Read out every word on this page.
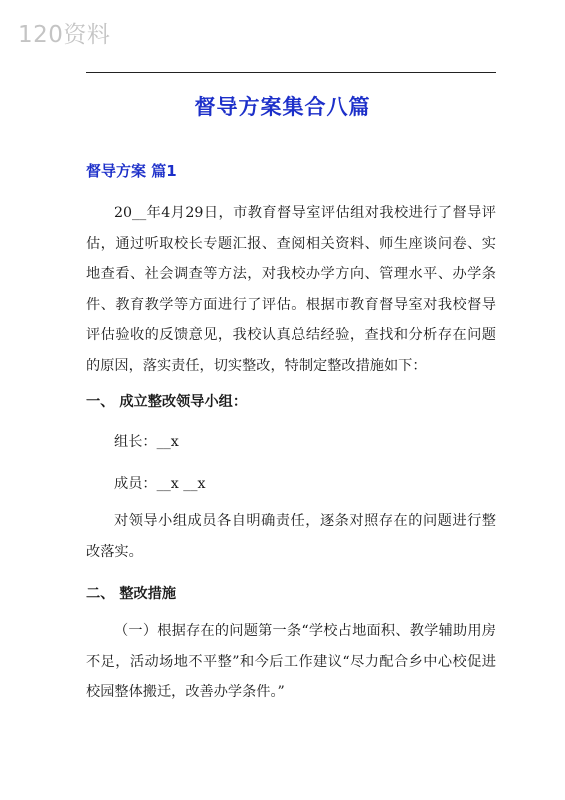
120资料
督导方案集合八篇
督导方案 篇1

20__年4月29日，市教育督导室评估组对我校进行了督导评估，通过听取校长专题汇报、查阅相关资料、师生座谈问卷、实地查看、社会调查等方法，对我校办学方向、管理水平、办学条件、教育教学等方面进行了评估。根据市教育督导室对我校督导评估验收的反馈意见，我校认真总结经验，查找和分析存在问题的原因，落实责任，切实整改，特制定整改措施如下：

一、 成立整改领导小组：

组长：__x

成员：__x __x

对领导小组成员各自明确责任，逐条对照存在的问题进行整改落实。

二、 整改措施

（一）根据存在的问题第一条“学校占地面积、教学辅助用房不足，活动场地不平整”和今后工作建议“尽力配合乡中心校促进校园整体搬迁，改善办学条件。”
